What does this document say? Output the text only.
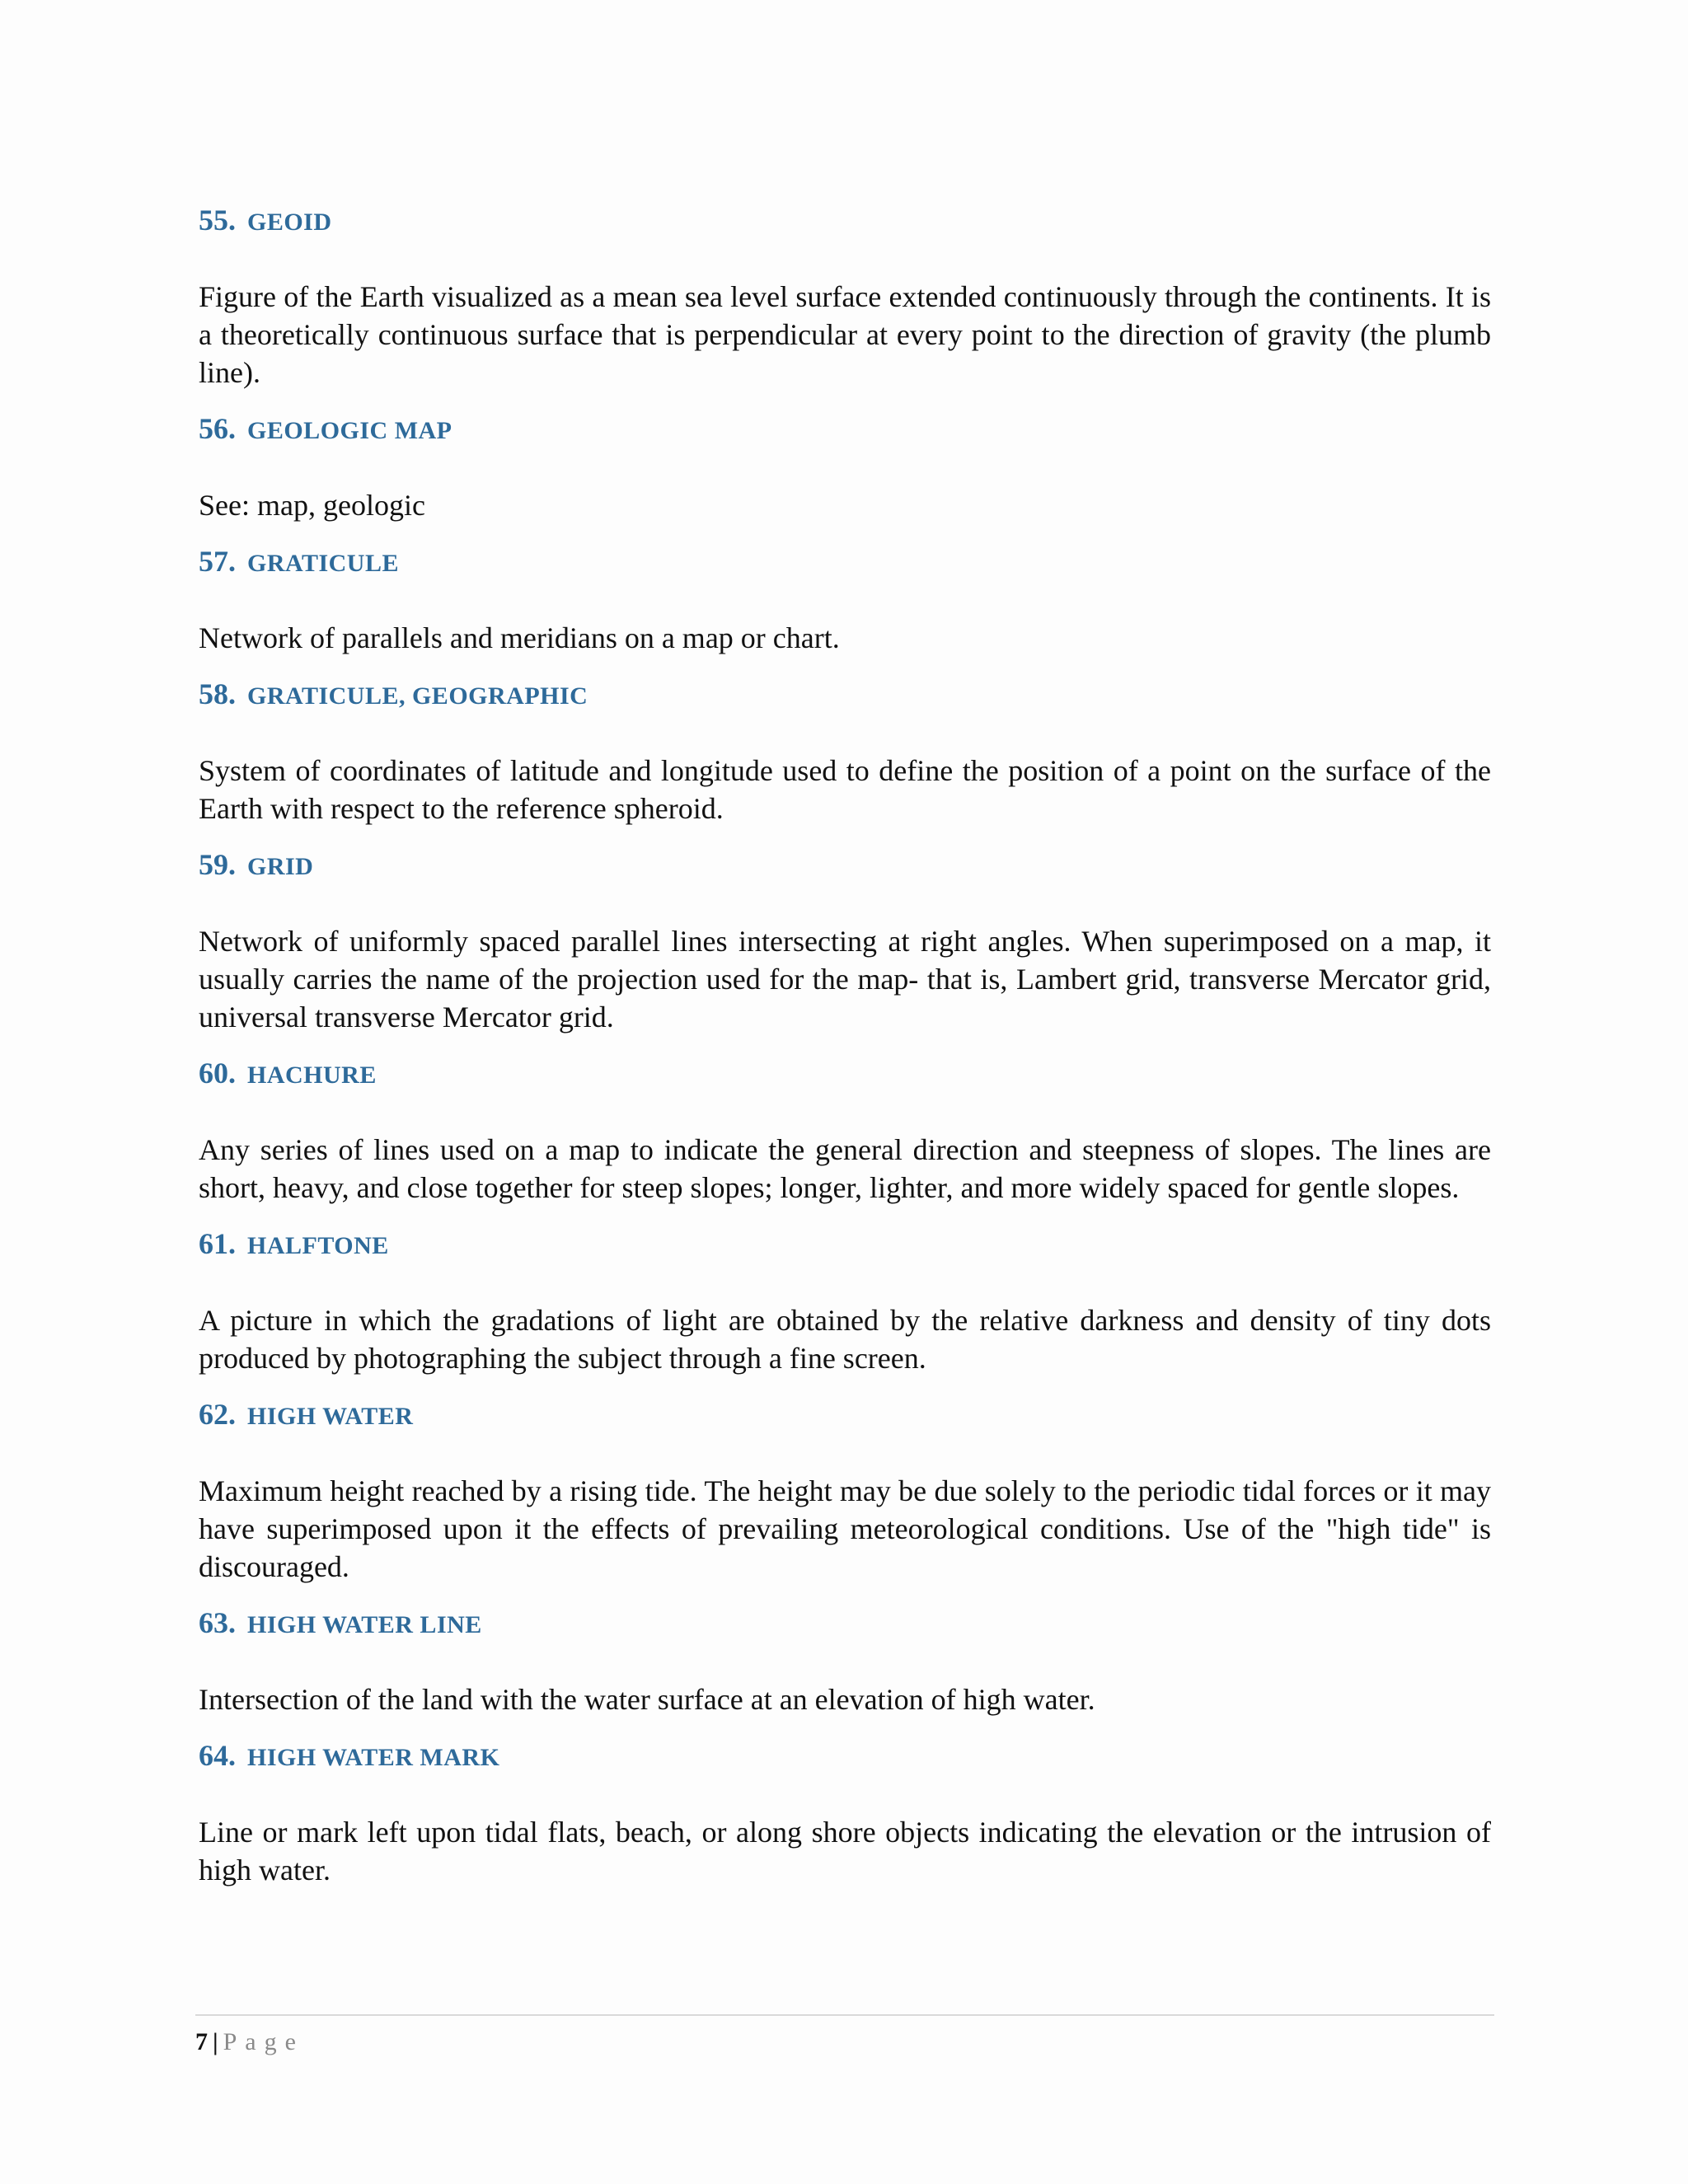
55. GEOID

Figure of the Earth visualized as a mean sea level surface extended continuously through the continents. It is a theoretically continuous surface that is perpendicular at every point to the direction of gravity (the plumb line).

56. GEOLOGIC MAP

See: map, geologic

57. GRATICULE

Network of parallels and meridians on a map or chart.

58. GRATICULE, GEOGRAPHIC

System of coordinates of latitude and longitude used to define the position of a point on the surface of the Earth with respect to the reference spheroid.

59. GRID

Network of uniformly spaced parallel lines intersecting at right angles. When superimposed on a map, it usually carries the name of the projection used for the map- that is, Lambert grid, transverse Mercator grid, universal transverse Mercator grid.

60. HACHURE

Any series of lines used on a map to indicate the general direction and steepness of slopes. The lines are short, heavy, and close together for steep slopes; longer, lighter, and more widely spaced for gentle slopes.

61. HALFTONE

A picture in which the gradations of light are obtained by the relative darkness and density of tiny dots produced by photographing the subject through a fine screen.

62. HIGH WATER

Maximum height reached by a rising tide. The height may be due solely to the periodic tidal forces or it may have superimposed upon it the effects of prevailing meteorological conditions. Use of the "high tide" is discouraged.

63. HIGH WATER LINE

Intersection of the land with the water surface at an elevation of high water.

64. HIGH WATER MARK

Line or mark left upon tidal flats, beach, or along shore objects indicating the elevation or the intrusion of high water.

7 | Page
